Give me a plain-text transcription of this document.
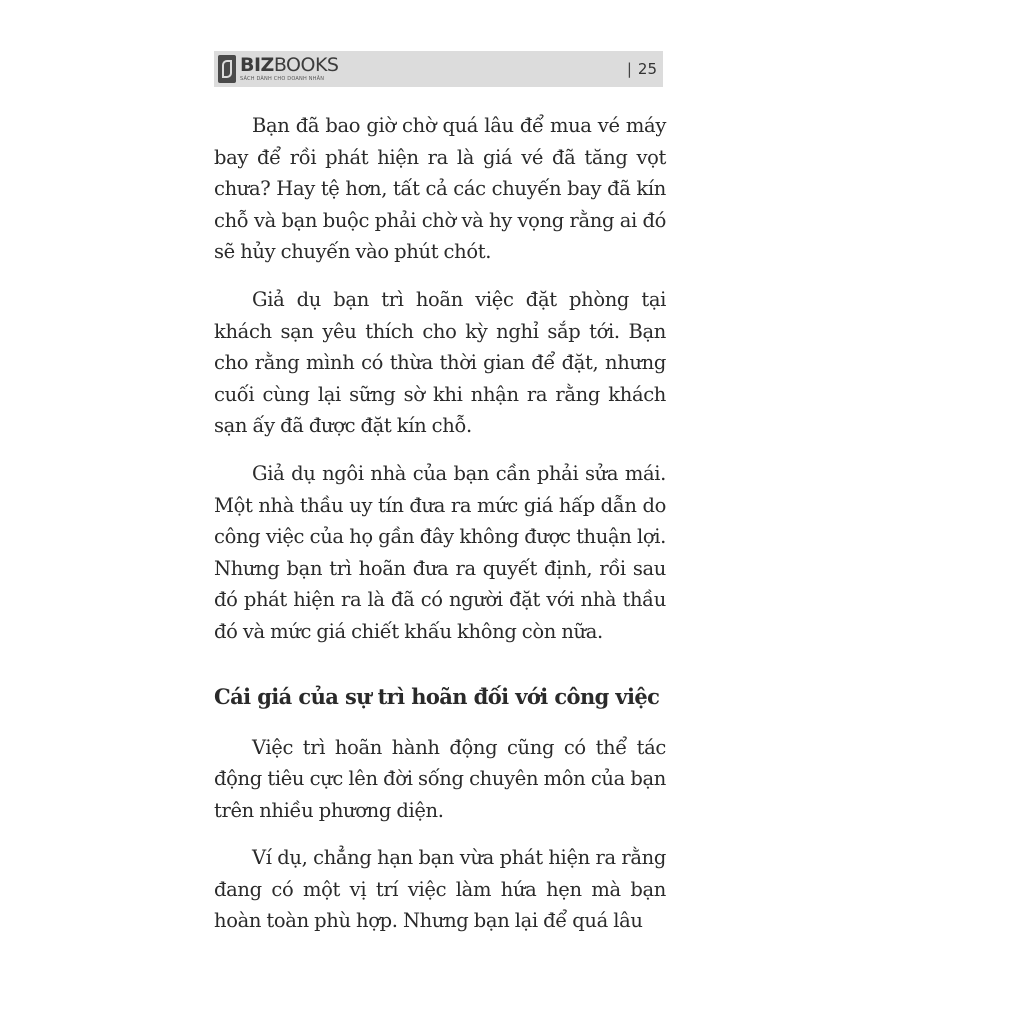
BIZBOOKS
SÁCH DÀNH CHO DOANH NHÂN
| 25

Bạn đã bao giờ chờ quá lâu để mua vé máy bay để rồi phát hiện ra là giá vé đã tăng vọt chưa? Hay tệ hơn, tất cả các chuyến bay đã kín chỗ và bạn buộc phải chờ và hy vọng rằng ai đó sẽ hủy chuyến vào phút chót.

Giả dụ bạn trì hoãn việc đặt phòng tại khách sạn yêu thích cho kỳ nghỉ sắp tới. Bạn cho rằng mình có thừa thời gian để đặt, nhưng cuối cùng lại sững sờ khi nhận ra rằng khách sạn ấy đã được đặt kín chỗ.

Giả dụ ngôi nhà của bạn cần phải sửa mái. Một nhà thầu uy tín đưa ra mức giá hấp dẫn do công việc của họ gần đây không được thuận lợi. Nhưng bạn trì hoãn đưa ra quyết định, rồi sau đó phát hiện ra là đã có người đặt với nhà thầu đó và mức giá chiết khấu không còn nữa.

Cái giá của sự trì hoãn đối với công việc

Việc trì hoãn hành động cũng có thể tác động tiêu cực lên đời sống chuyên môn của bạn trên nhiều phương diện.

Ví dụ, chẳng hạn bạn vừa phát hiện ra rằng đang có một vị trí việc làm hứa hẹn mà bạn hoàn toàn phù hợp. Nhưng bạn lại để quá lâu
